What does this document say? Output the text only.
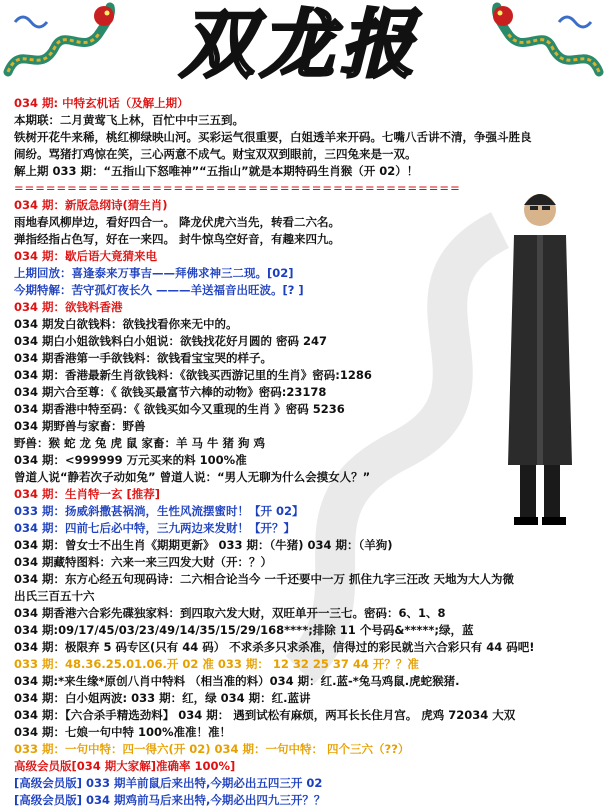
双龙报
034 期: 中特玄机话（及解上期）
本期联：二月黄莺飞上林，百忙中中三五到。
铁树开花牛来稀，桃红柳绿映山河。买彩运气很重要，白姐透羊来开码。七嘴八舌讲不清，争强斗胜良
闹纷。骂猪打鸡惊在笑，三心两意不成气。财宝双双到眼前，三四兔来是一双。
解上期 033 期：“五指山下怒唯神”“五指山”就是本期特码生肖猴（开 02）！
==========================================
034 期：新版急纲诗(猜生肖)
雨地春风柳岸边，看好四合一。 降龙伏虎六当先，转看二六名。
弹指经指占色写，好在一来四。 封牛惊鸟空好音，有趣来四九。
034 期：歇后语大竟猜来电
上期回放：喜逢泰来万事吉——拜佛求神三二现。[02]
今期特解：苦守孤灯夜长久 ———羊送福音出旺波。[? ]
034 期：欲钱料香港
034 期发白欲钱料：欲钱找看你来无中的。
034 期白小姐欲钱料白小姐说：欲钱找花好月圆的 密码 247
034 期香港第一手欲钱料：欲钱看宝宝哭的样子。
034 期：香港最新生肖欲钱料：《欲钱买西游记里的生肖》密码:1286
034 期六合至尊：《 欲钱买最富节六棒的动物》密码:23178
034 期香港中特至码：《 欲钱买如今又重现的生肖 》密码 5236
034 期野兽与家畜：野兽
野兽：猴 蛇 龙 兔 虎 鼠 家畜：羊 马 牛 猪 狗 鸡
034 期：<999999 万元买来的料 100%准
曾道人说“静若次子动如兔” 曾道人说：“男人无聊为什么会摸女人？”
034 期：生肖特一玄 [推荐]
033 期：扬威斜撒甚祸淌，生性风流摆蜜时！【开 02】
034 期：四前七后必中特，三九两边来发财！【开？】
034 期：曾女士不出生肖《期期更新》 033 期：（牛猪) 034 期：（羊狗)
034 期藏特图料：六来一来三四发大财（开：？）
034 期：东方心经五句现码诗：二六相合论当今 一千还要中一万 抓住九字三汪改 天地为大人为微
出氏三百五十六
034 期香港六合彩先碟独家料：到四取六发大财，双旺单开一三七。密码：6、1、8
034 期:09/17/45/03/23/49/14/35/15/29/168****;排除 11 个号码&*****;绿，蓝
034 期：极限弃 5 码专区(只有 44 码） 不求杀多只求杀准，信得过的彩民就当六合彩只有 44 码吧!
033 期：48.36.25.01.06.开 02 准 033 期： 12 32 25 37 44 开？？准
034 期:*来生缘*原创八肖中特料 （相当准的料）034 期：红.蓝-*兔马鸡鼠.虎蛇猴猪.
034 期：白小姐两波: 033 期：红，绿 034 期：红.蓝讲
034 期：【六合杀手精选劲料】 034 期： 遇到试松有麻烦，两耳长长住月宫。 虎鸡 72034 大双
034 期：七娘一句中特 100%准准！准！
033 期：一句中特：四一得六(开 02) 034 期：一句中特： 四个三六（??）
高级会员版[034 期大家解]准确率 100%]
[高级会员版] 033 期羊前鼠后来出特,今期必出五四三开 02
[高级会员版] 034 期鸡前马后来出特,今期必出四九三开？？
